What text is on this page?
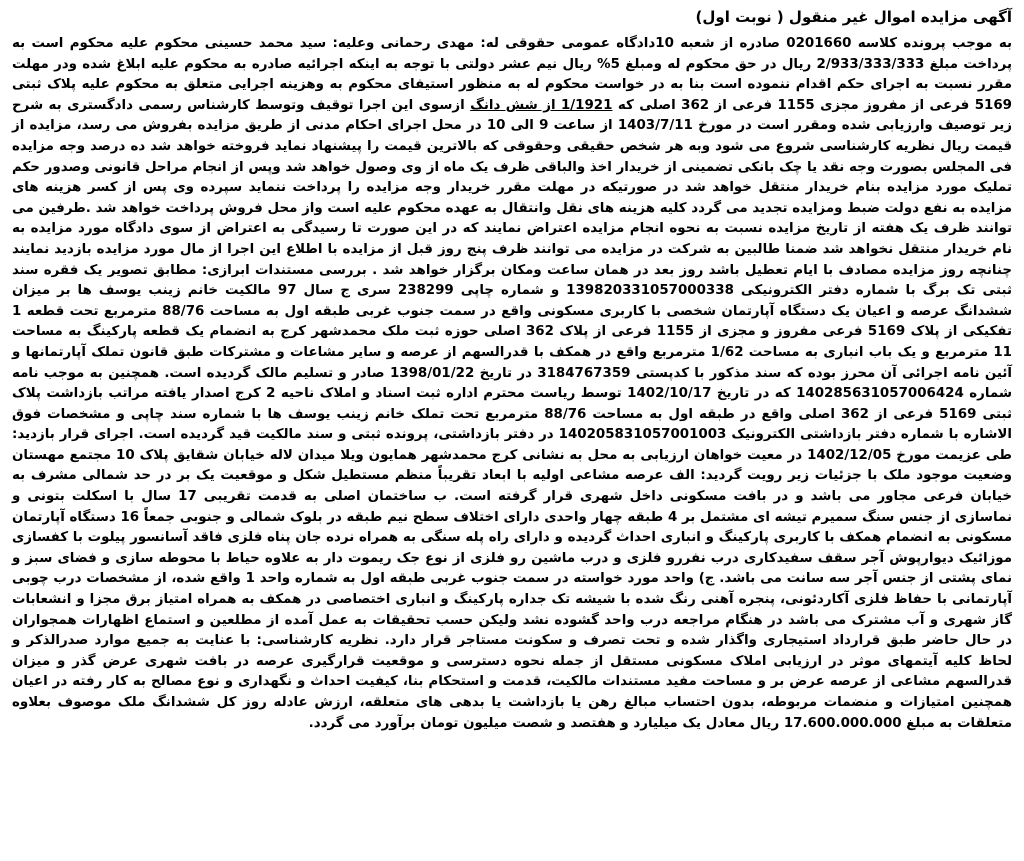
آگهی مزایده اموال غیر منقول ( نوبت اول)

به موجب پرونده کلاسه 0201660 صادره از شعبه 10دادگاه عمومی حقوقی له: مهدی رحمانی وعلیه: سید محمد حسینی محکوم علیه محکوم است به پرداخت مبلغ 2/933/333/333 ریال در حق محکوم له ومبلغ 5% ریال نیم عشر دولتی با توجه به اینکه اجرائیه صادره به محکوم علیه ابلاغ شده ودر مهلت مقرر نسبت به اجرای حکم اقدام ننموده است بنا به در خواست محکوم له به منظور استیفای محکوم به وهزینه اجرایی متعلق به محکوم علیه پلاک ثبتی 5169 فرعی از مفروز مجزی 1155 فرعی از 362 اصلی که

1/1921 از شش دانگ

ازسوی این اجرا توقیف وتوسط کارشناس رسمی دادگستری به شرح زیر توصیف وارزیابی شده ومقرر است در مورخ 1403/7/11 از ساعت 9 الی 10 در محل اجرای احکام مدنی از طریق مزایده بفروش می رسد، مزایده از قیمت ریال نظریه کارشناسی شروع می شود وبه هر شخص حقیقی وحقوقی که بالاترین قیمت را پیشنهاد نماید فروخته خواهد شد ده درصد وجه مزایده فی المجلس بصورت وجه نقد یا چک بانکی تضمینی از خریدار اخذ والباقی ظرف یک ماه از وی وصول خواهد شد وپس از انجام مراحل قانونی وصدور حکم تملیک مورد مزایده بنام خریدار منتقل خواهد شد در صورتیکه در مهلت مقرر خریدار وجه مزایده را پرداخت ننماید سپرده وی پس از کسر هزینه های مزایده به نفع دولت ضبط ومزایده تجدید می گردد کلیه هزینه های نقل وانتقال به عهده محکوم علیه است واز محل فروش پرداخت خواهد شد .طرفین می توانند ظرف یک هفته از تاریخ مزایده نسبت به نحوه انجام مزایده اعتراض نمایند که در این صورت تا رسیدگی به اعتراض از سوی دادگاه مورد مزایده به نام خریدار منتقل نخواهد شد ضمنا طالبین به شرکت در مزایده می توانند ظرف پنج روز قبل از مزایده با اطلاع این اجرا از مال مورد مزایده بازدید نمایند چنانچه روز مزایده مصادف با ایام تعطیل باشد روز بعد در همان ساعت ومکان برگزار خواهد شد . بررسی مستندات ابرازی: مطابق تصویر یک فقره سند ثبتی تک برگ با شماره دفتر الکترونیکی 139820331057000338 و شماره چاپی 238299 سری ج سال 97 مالکیت خانم زینب یوسف ها بر میزان ششدانگ عرصه و اعیان یک دستگاه آپارتمان شخصی با کاربری مسکونی واقع در سمت جنوب غربی طبقه اول به مساحت 88/76 مترمربع تحت قطعه 1 تفکیکی از پلاک 5169 فرعی مفروز و مجزی از 1155 فرعی از پلاک 362 اصلی حوزه ثبت ملک محمدشهر کرج به انضمام یک قطعه پارکینگ به مساحت 11 مترمربع و یک باب انباری به مساحت 1/62 مترمربع واقع در همکف با قدرالسهم از عرصه و سایر مشاعات و مشترکات طبق قانون تملک آپارتمانها و آئین نامه اجرائی آن محرز بوده که سند مذکور با کدپستی 3184767359 در تاریخ 1398/01/22 صادر و تسلیم مالک گردیده است. همچنین به موجب نامه شماره 140285631057006424 که در تاریخ 1402/10/17 توسط ریاست محترم اداره ثبت اسناد و املاک ناحیه 2 کرج اصدار یافته مراتب بازداشت پلاک ثبتی 5169 فرعی از 362 اصلی واقع در طبقه اول به مساحت 88/76 مترمربع تحت تملک خانم زینب یوسف ها با شماره سند چاپی و مشخصات فوق الاشاره با شماره دفتر بازداشتی الکترونیک 140205831057001003 در دفتر بازداشتی، پرونده ثبتی و سند مالکیت قید گردیده است. اجرای قرار بازدید: طی عزیمت مورخ 1402/12/05 در معیت خواهان ارزیابی به محل به نشانی کرج محمدشهر همایون ویلا میدان لاله خیابان شقایق پلاک 10 مجتمع مهستان وضعیت موجود ملک با جزئیات زیر رویت گردید: الف عرصه مشاعی اولیه با ابعاد تقریباً منظم مستطیل شکل و موقعیت یک بر در حد شمالی مشرف به خیابان فرعی مجاور می باشد و در بافت مسکونی داخل شهری قرار گرفته است. ب ساختمان اصلی به قدمت تقریبی 17 سال با اسکلت بتونی و نماسازی از جنس سنگ سمیرم تیشه ای مشتمل بر 4 طبقه چهار واحدی دارای اختلاف سطح نیم طبقه در بلوک شمالی و جنوبی جمعاً 16 دستگاه آپارتمان مسکونی به انضمام همکف با کاربری پارکینگ و انباری احداث گردیده و دارای راه پله سنگی به همراه نرده جان پناه فلزی فاقد آسانسور پیلوت با کفسازی موزائیک دیوارپوش آجر سقف سفیدکاری درب نفررو فلزی و درب ماشین رو فلزی از نوع جک ریموت دار به علاوه حیاط با محوطه سازی و فضای سبز و نمای پشتی از جنس آجر سه سانت می باشد. ج) واحد مورد خواسته در سمت جنوب غربی طبقه اول به شماره واحد 1 واقع شده، از مشخصات درب چوبی آپارتمانی با حفاظ فلزی آکاردئونی، پنجره آهنی رنگ شده با شیشه تک جداره پارکینگ و انباری اختصاصی در همکف به همراه امتیاز برق مجزا و انشعابات گاز شهری و آب مشترک می باشد در هنگام مراجعه درب واحد گشوده نشد ولیکن حسب تحقیقات به عمل آمده از مطلعین و استماع اظهارات همجواران در حال حاضر طبق قرارداد استیجاری واگذار شده و تحت تصرف و سکونت مستاجر قرار دارد. نظریه کارشناسی: با عنایت به جمیع موارد صدرالذکر و لحاظ کلیه آیتمهای موثر در ارزیابی املاک مسکونی مستقل از جمله نحوه دسترسی و موقعیت قرارگیری عرصه در بافت شهری عرض گذر و میزان قدرالسهم مشاعی از عرصه عرض بر و مساحت مفید مستندات مالکیت، قدمت و استحکام بنا، کیفیت احداث و نگهداری و نوع مصالح به کار رفته در اعیان همچنین امتیازات و منضمات مربوطه، بدون احتساب مبالغ رهن یا بازداشت یا بدهی های متعلقه، ارزش عادله روز کل ششدانگ ملک موصوف بعلاوه متعلقات به مبلغ 17.600.000.000 ریال معادل یک میلیارد و هفتصد و شصت میلیون تومان برآورد می گردد.
